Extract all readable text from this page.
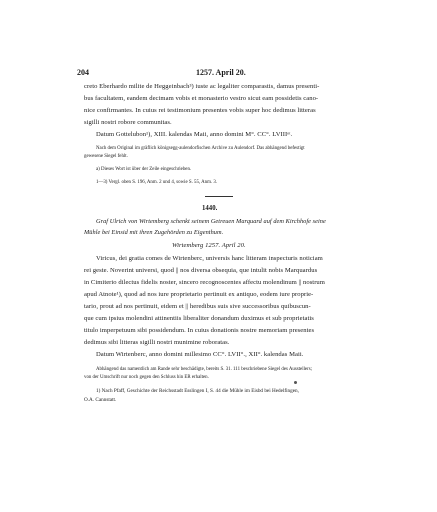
204	1257. April 20.
creto Eberhardo milite de Heggeinbach³) iuste ac legaliter comparastis, damus presenti-
bus facultatem, eandem decimam vobis et monasterio vestro sicut eam possidetis cano-
nice confirmantes. In cuius rei testimonium presentes vobis super hoc dedimus litteras
sigilli nostri robore communitas.
Datum Gottelubon¹), XIII. kalendas Maii, anno domini M°. CC°. LVIIIᵒᵗ.
Nach dem Original im gräflich königsegg-aulendorfischen Archive zu Aulendorf. Das abhängend befestigt
gewesene Siegel fehlt.
a) Dieses Wort ist über der Zeile eingeschrieben.
1—3) Vergl. oben S. 196, Anm. 2 und 4, sowie S. 55, Anm. 3.
1440.
Graf Ulrich von Wirtemberg schenkt seinem Getreuen Marquard auf dem Kirchhofe seine
Mühle bei Einsid mit ihren Zugehörden zu Eigenthum.
Wirtemberg 1257. April 20.
Viricus, dei gratia comes de Wirtenberc, universis hanc litteram inspecturis noticiam
rei geste. Noverint universi, quod || nos diversa obsequia, que intulit nobis Marquardus
in Cimiterio dilectus fidelis noster, sincero recognoscentes affectu molendinum || nostrum
apud Atnote¹), quod ad nos iure proprietario pertinuit ex antiquo, eodem iure proprie-
tario, prout ad nos pertinuit, eidem et || heredibus suis sive successoribus quibuscun-
que cum ipsius molendini attinentiis liberaliter donandum duximus et sub proprietatis
titulo imperpetuum sibi possidendum. In cuius donationis nostre memoriam presentes
dedimus sibi litteras sigilli nostri munimine roboratas.
Datum Wirtenberc, anno domini millesimo CC°. LVII°., XII°. kalendas Maii.
Abhängend das namentlich am Rande sehr beschädigte, bereits S. 31. 111 beschriebene Siegel des Ausstellers;
von der Umschrift nur noch gegen den Schluss hin ER erhalten.
1) Nach Pfaff, Geschichte der Reichsstadt Esslingen I, S. 44 die Mühle im Eisbd bei Hedelfingen,
O.A. Cannstatt.
